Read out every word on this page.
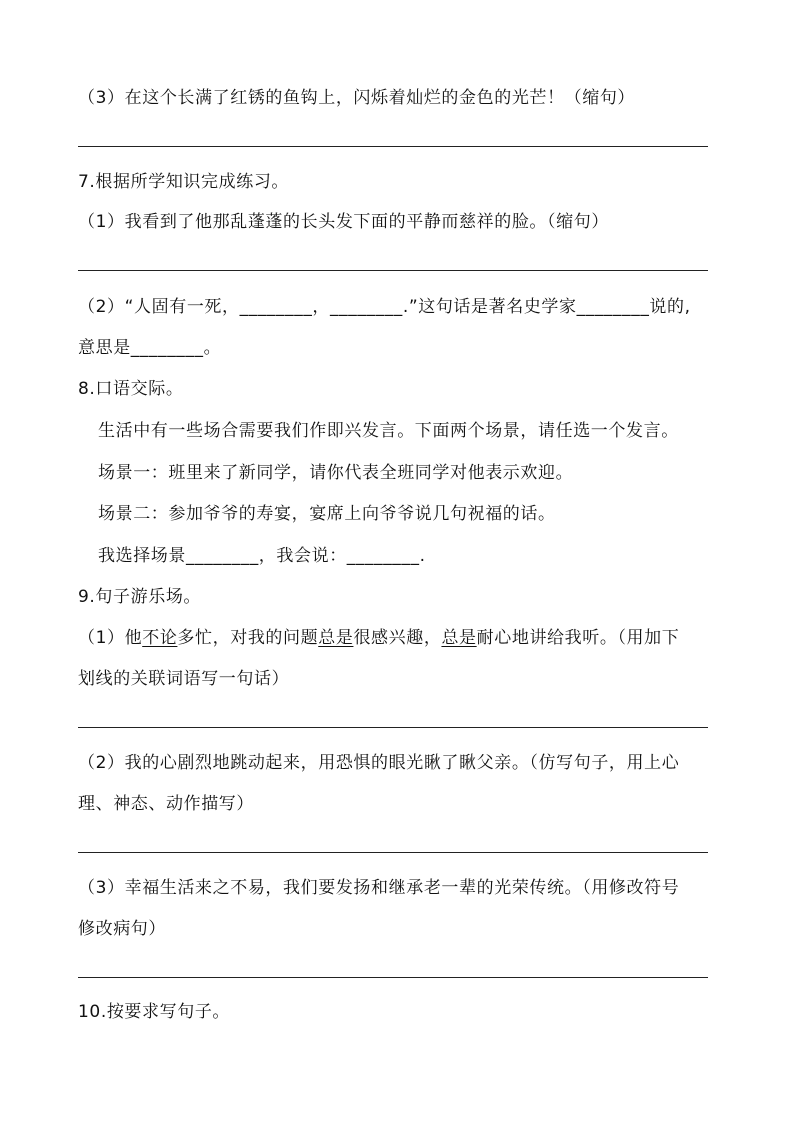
（3）在这个长满了红锈的鱼钩上，闪烁着灿烂的金色的光芒！（缩句）
7.根据所学知识完成练习。
（1）我看到了他那乱蓬蓬的长头发下面的平静而慈祥的脸。（缩句）
（2）“人固有一死，________，________.”这句话是著名史学家________说的,
意思是________。
8.口语交际。
生活中有一些场合需要我们作即兴发言。下面两个场景，请任选一个发言。
场景一：班里来了新同学，请你代表全班同学对他表示欢迎。
场景二：参加爷爷的寿宴，宴席上向爷爷说几句祝福的话。
我选择场景________，我会说：________.
9.句子游乐场。
（1）他不论多忙，对我的问题总是很感兴趣，总是耐心地讲给我听。（用加下
划线的关联词语写一句话）
（2）我的心剧烈地跳动起来，用恐惧的眼光瞅了瞅父亲。（仿写句子，用上心
理、神态、动作描写）
（3）幸福生活来之不易，我们要发扬和继承老一辈的光荣传统。（用修改符号
修改病句）
10.按要求写句子。
